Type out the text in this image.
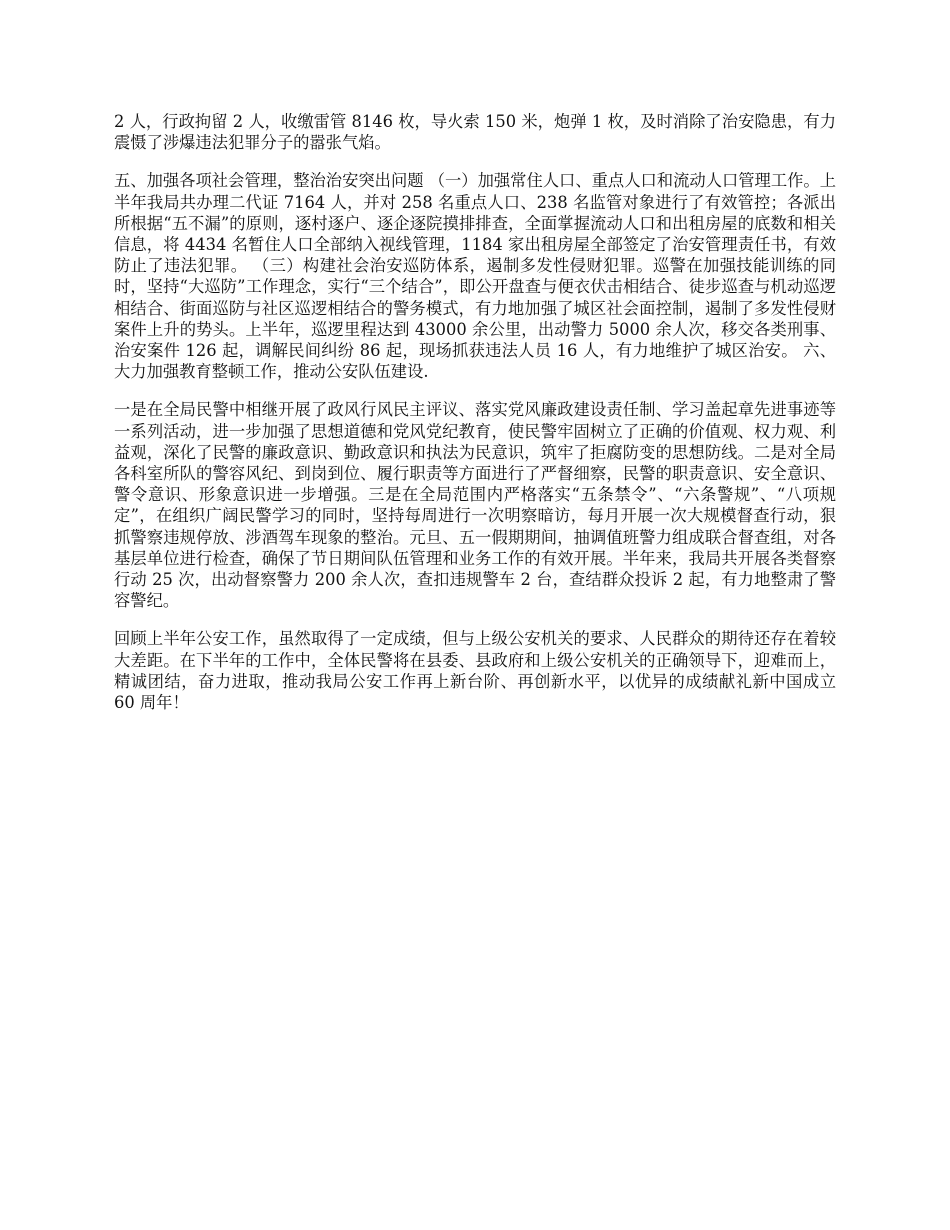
2 人，行政拘留 2 人，收缴雷管 8146 枚，导火索 150 米，炮弹 1 枚，及时消除了治安隐患，有力震慑了涉爆违法犯罪分子的嚣张气焰。

五、加强各项社会管理，整治治安突出问题 （一）加强常住人口、重点人口和流动人口管理工作。上半年我局共办理二代证 7164 人，并对 258 名重点人口、238 名监管对象进行了有效管控；各派出所根据“五不漏”的原则，逐村逐户、逐企逐院摸排排查，全面掌握流动人口和出租房屋的底数和相关信息，将 4434 名暂住人口全部纳入视线管理，1184 家出租房屋全部签定了治安管理责任书，有效防止了违法犯罪。 （三）构建社会治安巡防体系，遏制多发性侵财犯罪。巡警在加强技能训练的同时，坚持“大巡防”工作理念，实行“三个结合”，即公开盘查与便衣伏击相结合、徒步巡查与机动巡逻相结合、街面巡防与社区巡逻相结合的警务模式，有力地加强了城区社会面控制，遏制了多发性侵财案件上升的势头。上半年，巡逻里程达到 43000 余公里，出动警力 5000 余人次，移交各类刑事、治安案件 126 起，调解民间纠纷 86 起，现场抓获违法人员 16 人，有力地维护了城区治安。 六、大力加强教育整顿工作，推动公安队伍建设.

一是在全局民警中相继开展了政风行风民主评议、落实党风廉政建设责任制、学习盖起章先进事迹等一系列活动，进一步加强了思想道德和党风党纪教育，使民警牢固树立了正确的价值观、权力观、利益观，深化了民警的廉政意识、勤政意识和执法为民意识，筑牢了拒腐防变的思想防线。二是对全局各科室所队的警容风纪、到岗到位、履行职责等方面进行了严督细察，民警的职责意识、安全意识、警令意识、形象意识进一步增强。三是在全局范围内严格落实“五条禁令”、“六条警规”、“八项规定”，在组织广阔民警学习的同时，坚持每周进行一次明察暗访，每月开展一次大规模督查行动，狠抓警察违规停放、涉酒驾车现象的整治。元旦、五一假期期间，抽调值班警力组成联合督查组，对各基层单位进行检查，确保了节日期间队伍管理和业务工作的有效开展。半年来，我局共开展各类督察行动 25 次，出动督察警力 200 余人次，查扣违规警车 2 台，查结群众投诉 2 起，有力地整肃了警容警纪。

回顾上半年公安工作，虽然取得了一定成绩，但与上级公安机关的要求、人民群众的期待还存在着较大差距。在下半年的工作中，全体民警将在县委、县政府和上级公安机关的正确领导下，迎难而上，精诚团结，奋力进取，推动我局公安工作再上新台阶、再创新水平，以优异的成绩献礼新中国成立 60 周年！
